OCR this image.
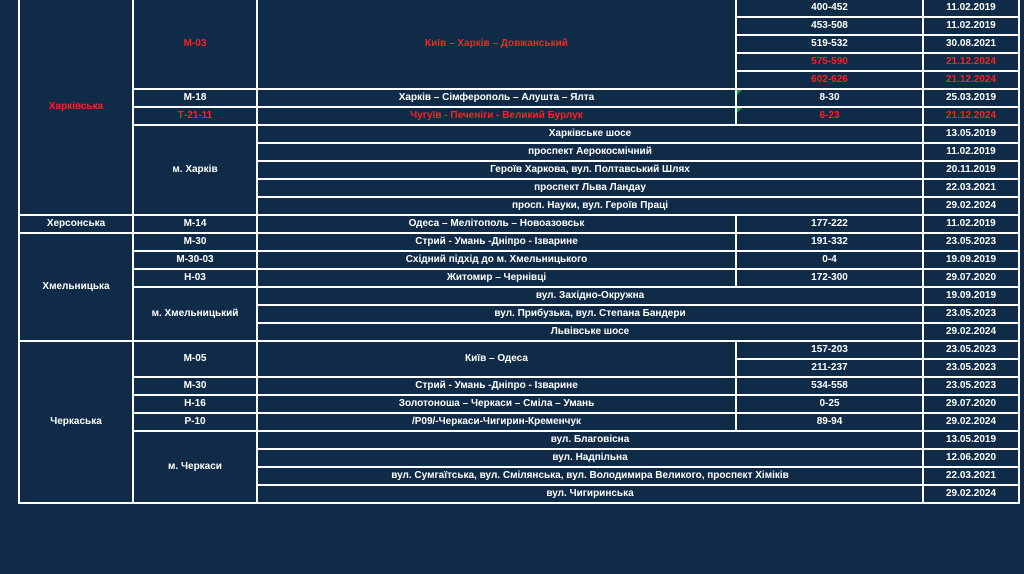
Харківська	М-03	Київ – Харків – Довжанський	400-452	11.02.2019
			453-508	11.02.2019
			519-532	30.08.2021
			575-590	21.12.2024
			602-626	21.12.2024
	М-18	Харків – Сімферополь – Алушта – Ялта	8-30	25.03.2019
	Т-21-11	Чугуїв - Печеніги - Великий Бурлук	6-23	21.12.2024
	м. Харків	Харківське шосе		13.05.2019
		проспект Аерокосмічний		11.02.2019
		Героїв Харкова, вул. Полтавський Шлях		20.11.2019
		проспект Льва Ландау		22.03.2021
		просп. Науки, вул. Героїв Праці		29.02.2024
Херсонська	М-14	Одеса – Мелітополь – Новоазовськ	177-222	11.02.2019
Хмельницька	М-30	Стрий - Умань -Дніпро - Ізварине	191-332	23.05.2023
	М-30-03	Східний підхід до м. Хмельницького	0-4	19.09.2019
	Н-03	Житомир – Чернівці	172-300	29.07.2020
	м. Хмельницький	вул. Західно-Окружна		19.09.2019
		вул. Прибузька, вул. Степана Бандери		23.05.2023
		Львівське шосе		29.02.2024
Черкаська	М-05	Київ – Одеса	157-203	23.05.2023
			211-237	23.05.2023
	М-30	Стрий - Умань -Дніпро - Ізварине	534-558	23.05.2023
	Н-16	Золотоноша – Черкаси – Сміла – Умань	0-25	29.07.2020
	Р-10	/Р09/-Черкаси-Чигирин-Кременчук	89-94	29.02.2024
	м. Черкаси	вул. Благовісна		13.05.2019
		вул. Надпільна		12.06.2020
		вул. Сумгаїтська, вул. Смілянська, вул. Володимира Великого, проспект Хіміків		22.03.2021
		вул. Чигиринська		29.02.2024
